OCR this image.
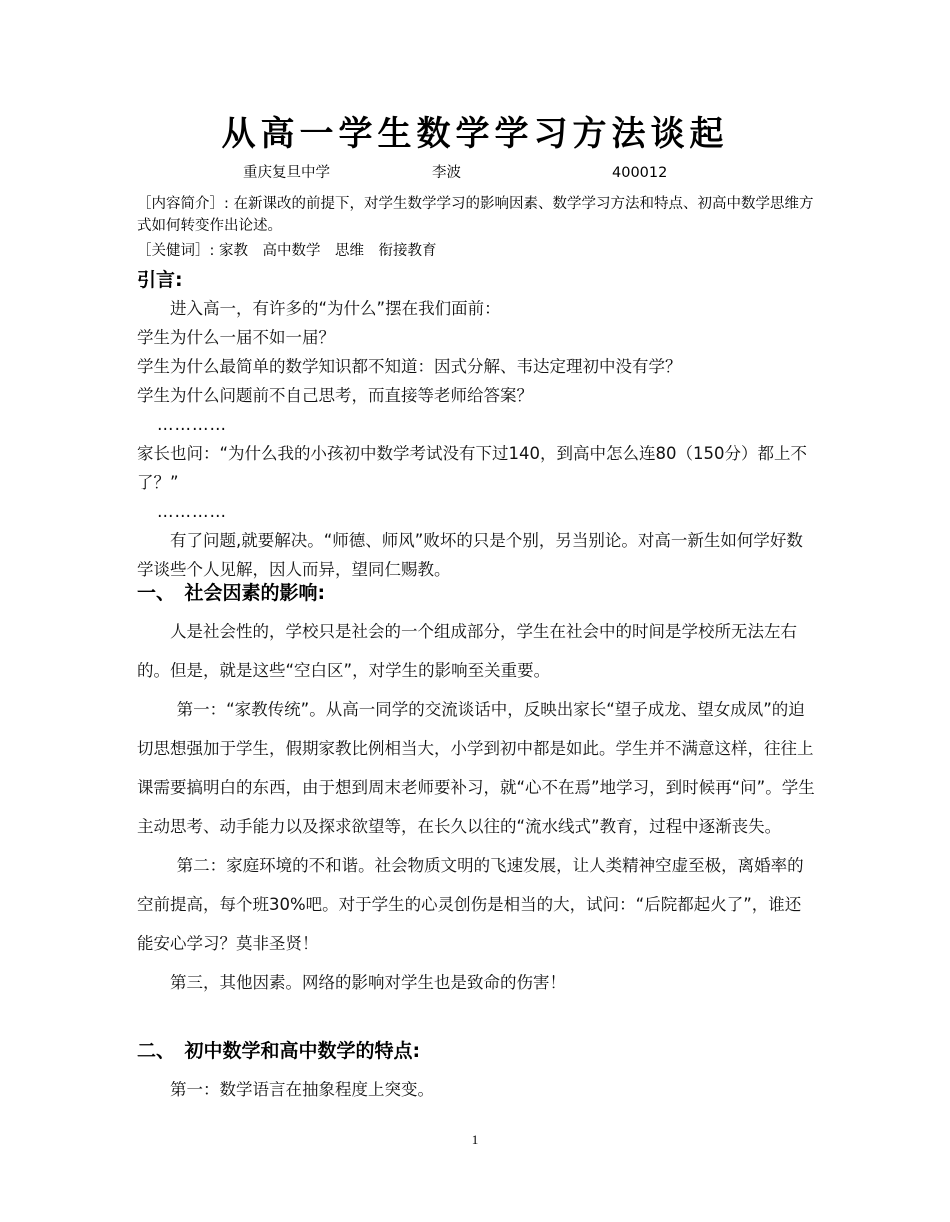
从高一学生数学学习方法谈起
重庆复旦中学	李波	400012
［内容简介］: 在新课改的前提下，对学生数学学习的影响因素、数学学习方法和特点、初高中数学思维方式如何转变作出论述。
［关健词］: 家教　高中数学　思维　衔接教育
引言:

进入高一，有许多的“为什么”摆在我们面前：

学生为什么一届不如一届？

学生为什么最简单的数学知识都不知道：因式分解、韦达定理初中没有学？

学生为什么问题前不自己思考，而直接等老师给答案？

…………

家长也问：“为什么我的小孩初中数学考试没有下过140，到高中怎么连80（150分）都上不了？”

…………

有了问题,就要解决。“师德、师风”败坏的只是个别，另当别论。对高一新生如何学好数学谈些个人见解，因人而异，望同仁赐教。

一、　社会因素的影响:

人是社会性的，学校只是社会的一个组成部分，学生在社会中的时间是学校所无法左右的。但是，就是这些“空白区”，对学生的影响至关重要。

第一：“家教传统”。从高一同学的交流谈话中，反映出家长“望子成龙、望女成凤”的迫切思想强加于学生，假期家教比例相当大，小学到初中都是如此。学生并不满意这样，往往上课需要搞明白的东西，由于想到周末老师要补习，就“心不在焉”地学习，到时候再“问”。学生主动思考、动手能力以及探求欲望等，在长久以往的“流水线式”教育，过程中逐渐丧失。

第二：家庭环境的不和谐。社会物质文明的飞速发展，让人类精神空虚至极，离婚率的空前提高，每个班30%吧。对于学生的心灵创伤是相当的大，试问：“后院都起火了”，谁还能安心学习？莫非圣贤！

第三，其他因素。网络的影响对学生也是致命的伤害！

二、　初中数学和高中数学的特点:

第一：数学语言在抽象程度上突变。

1
